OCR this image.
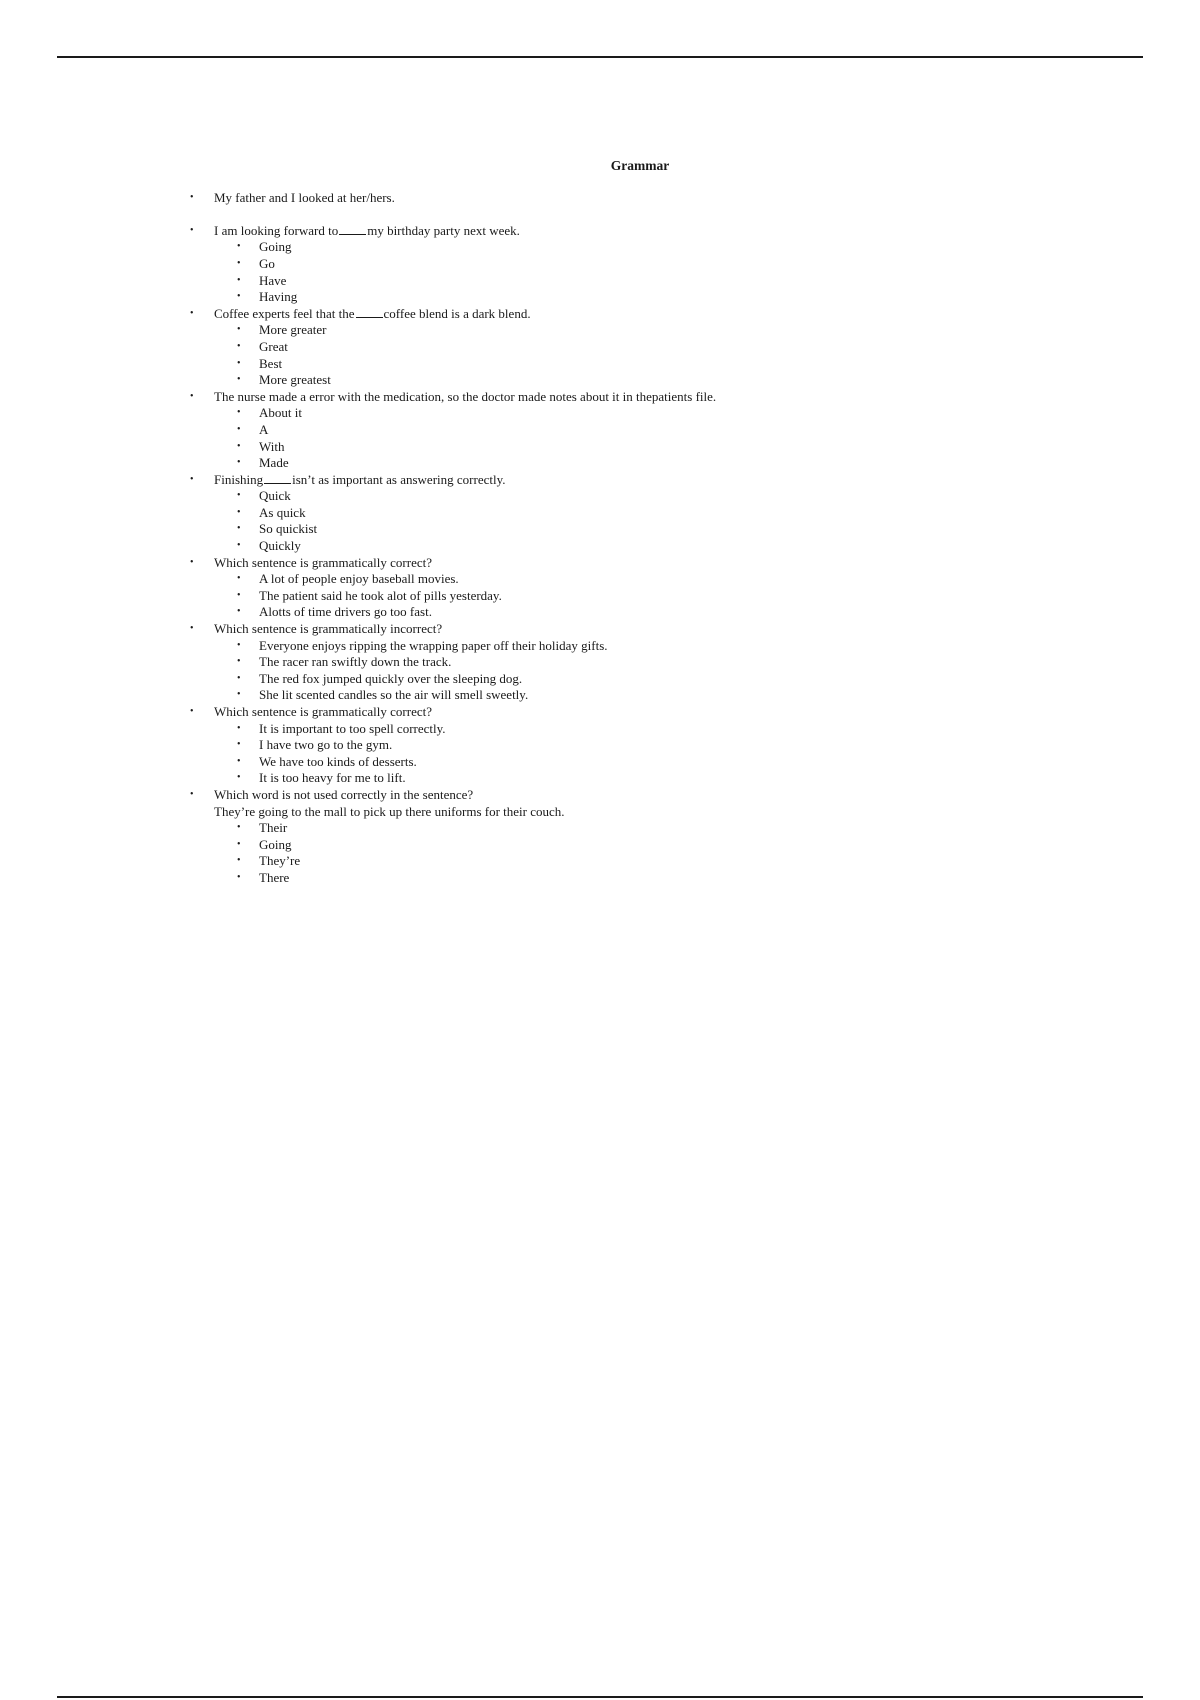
Grammar
• My father and I looked at her/hers.
• I am looking forward to my birthday party next week.
• Going
• Go
• Have
• Having
• Coffee experts feel that the coffee blend is a dark blend.
• More greater
• Great
• Best
• More greatest
• The nurse made a error with the medication, so the doctor made notes about it in thepatients file.
• About it
• A
• With
• Made
• Finishing isn’t as important as answering correctly.
• Quick
• As quick
• So quickist
• Quickly
• Which sentence is grammatically correct?
• A lot of people enjoy baseball movies.
• The patient said he took alot of pills yesterday.
• Alotts of time drivers go too fast.
• Which sentence is grammatically incorrect?
• Everyone enjoys ripping the wrapping paper off their holiday gifts.
• The racer ran swiftly down the track.
• The red fox jumped quickly over the sleeping dog.
• She lit scented candles so the air will smell sweetly.
• Which sentence is grammatically correct?
• It is important to too spell correctly.
• I have two go to the gym.
• We have too kinds of desserts.
• It is too heavy for me to lift.
• Which word is not used correctly in the sentence?
They’re going to the mall to pick up there uniforms for their couch.
• Their
• Going
• They’re
• There
